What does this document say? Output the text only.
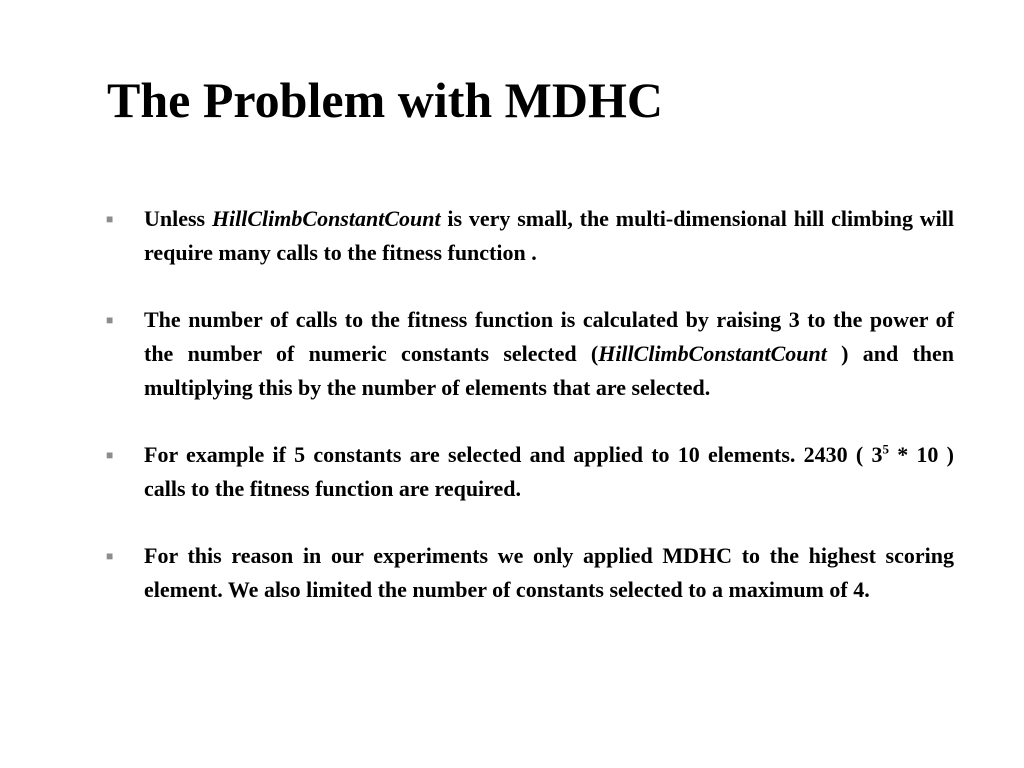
The Problem with MDHC
■	Unless HillClimbConstantCount is very small, the multi-dimensional hill climbing will require many calls to the fitness function .
■	The number of calls to the fitness function is calculated by raising 3 to the power of the number of numeric constants selected (HillClimbConstantCount ) and then multiplying this by the number of elements that are selected.
■	For example if 5 constants are selected and applied to 10 elements. 2430 ( $3^5 * 10$ ) calls to the fitness function are required.
■	For this reason in our experiments we only applied MDHC to the highest scoring element. We also limited the number of constants selected to a maximum of 4.
